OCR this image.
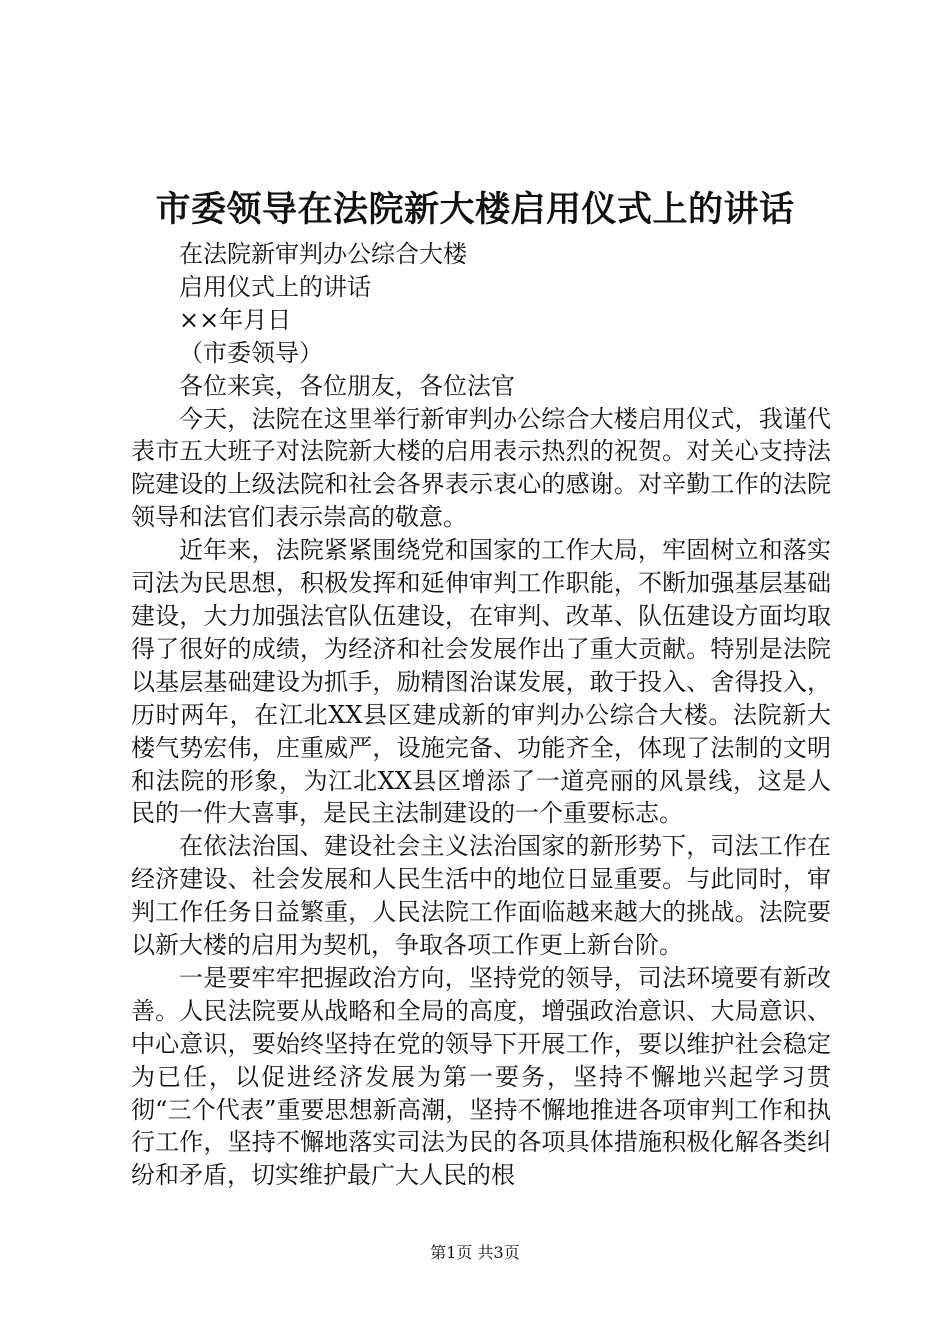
市委领导在法院新大楼启用仪式上的讲话

在法院新审判办公综合大楼

启用仪式上的讲话

××年月日

（市委领导）

各位来宾，各位朋友，各位法官

今天，法院在这里举行新审判办公综合大楼启用仪式，我谨代表市五大班子对法院新大楼的启用表示热烈的祝贺。对关心支持法院建设的上级法院和社会各界表示衷心的感谢。对辛勤工作的法院领导和法官们表示崇高的敬意。

近年来，法院紧紧围绕党和国家的工作大局，牢固树立和落实司法为民思想，积极发挥和延伸审判工作职能，不断加强基层基础建设，大力加强法官队伍建设，在审判、改革、队伍建设方面均取得了很好的成绩，为经济和社会发展作出了重大贡献。特别是法院以基层基础建设为抓手，励精图治谋发展，敢于投入、舍得投入，历时两年，在江北XX县区建成新的审判办公综合大楼。法院新大楼气势宏伟，庄重威严，设施完备、功能齐全，体现了法制的文明和法院的形象，为江北XX县区增添了一道亮丽的风景线，这是人民的一件大喜事，是民主法制建设的一个重要标志。

在依法治国、建设社会主义法治国家的新形势下，司法工作在经济建设、社会发展和人民生活中的地位日显重要。与此同时，审判工作任务日益繁重，人民法院工作面临越来越大的挑战。法院要以新大楼的启用为契机，争取各项工作更上新台阶。

一是要牢牢把握政治方向，坚持党的领导，司法环境要有新改善。人民法院要从战略和全局的高度，增强政治意识、大局意识、中心意识，要始终坚持在党的领导下开展工作，要以维护社会稳定为已任，以促进经济发展为第一要务，坚持不懈地兴起学习贯彻“三个代表”重要思想新高潮，坚持不懈地推进各项审判工作和执行工作，坚持不懈地落实司法为民的各项具体措施积极化解各类纠纷和矛盾，切实维护最广大人民的根

第1页 共3页
